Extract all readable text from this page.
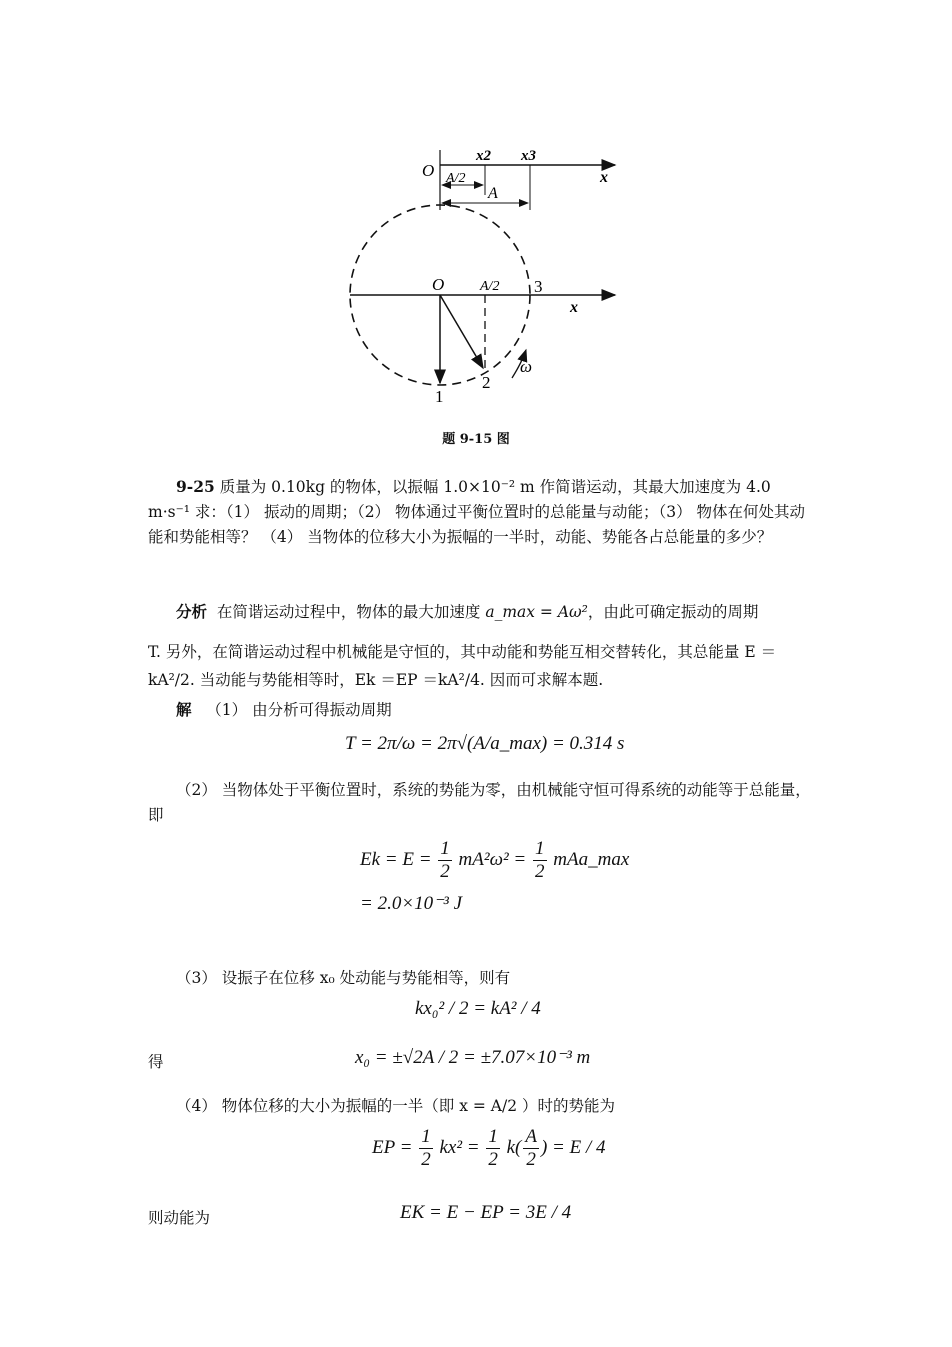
O
x2 x3
x
A/2
A
O	A/2 3
x
ω
2
1
题 9-15 图
9-25 质量为 0.10kg 的物体，以振幅 1.0×10⁻² m 作简谐运动，其最大加速度为 4.0 m·s⁻¹ 求：（1） 振动的周期；（2） 物体通过平衡位置时的总能量与动能；（3） 物体在何处其动能和势能相等？ （4） 当物体的位移大小为振幅的一半时，动能、势能各占总能量的多少？
分析 在简谐运动过程中，物体的最大加速度 a_max = Aω²，由此可确定振动的周期
T. 另外，在简谐运动过程中机械能是守恒的，其中动能和势能互相交替转化，其总能量 E ＝
kA²/2. 当动能与势能相等时，Ek ＝EP ＝kA²/4. 因而可求解本题.
解 （1） 由分析可得振动周期
T = 2π/ω = 2π√(A/a_max) = 0.314 s
（2） 当物体处于平衡位置时，系统的势能为零，由机械能守恒可得系统的动能等于总能量，即
$Ek = E = \frac{1}{2} mA^2\omega^2 = \frac{1}{2}$ mAa_max
= 2.0×10⁻³ J
（3） 设振子在位移 x₀ 处动能与势能相等，则有
kx₀² / 2 = kA² / 4
得	x₀ = ±√2A / 2 = ±7.07×10⁻³ m
（4） 物体位移的大小为振幅的一半（即 x = A/2 ）时的势能为
EP = $\frac{1}{2} kx^2 = \frac{1}{2} k( \frac{A}{2}$ ) = E / 4
则动能为	EK = E − EP = 3E / 4
